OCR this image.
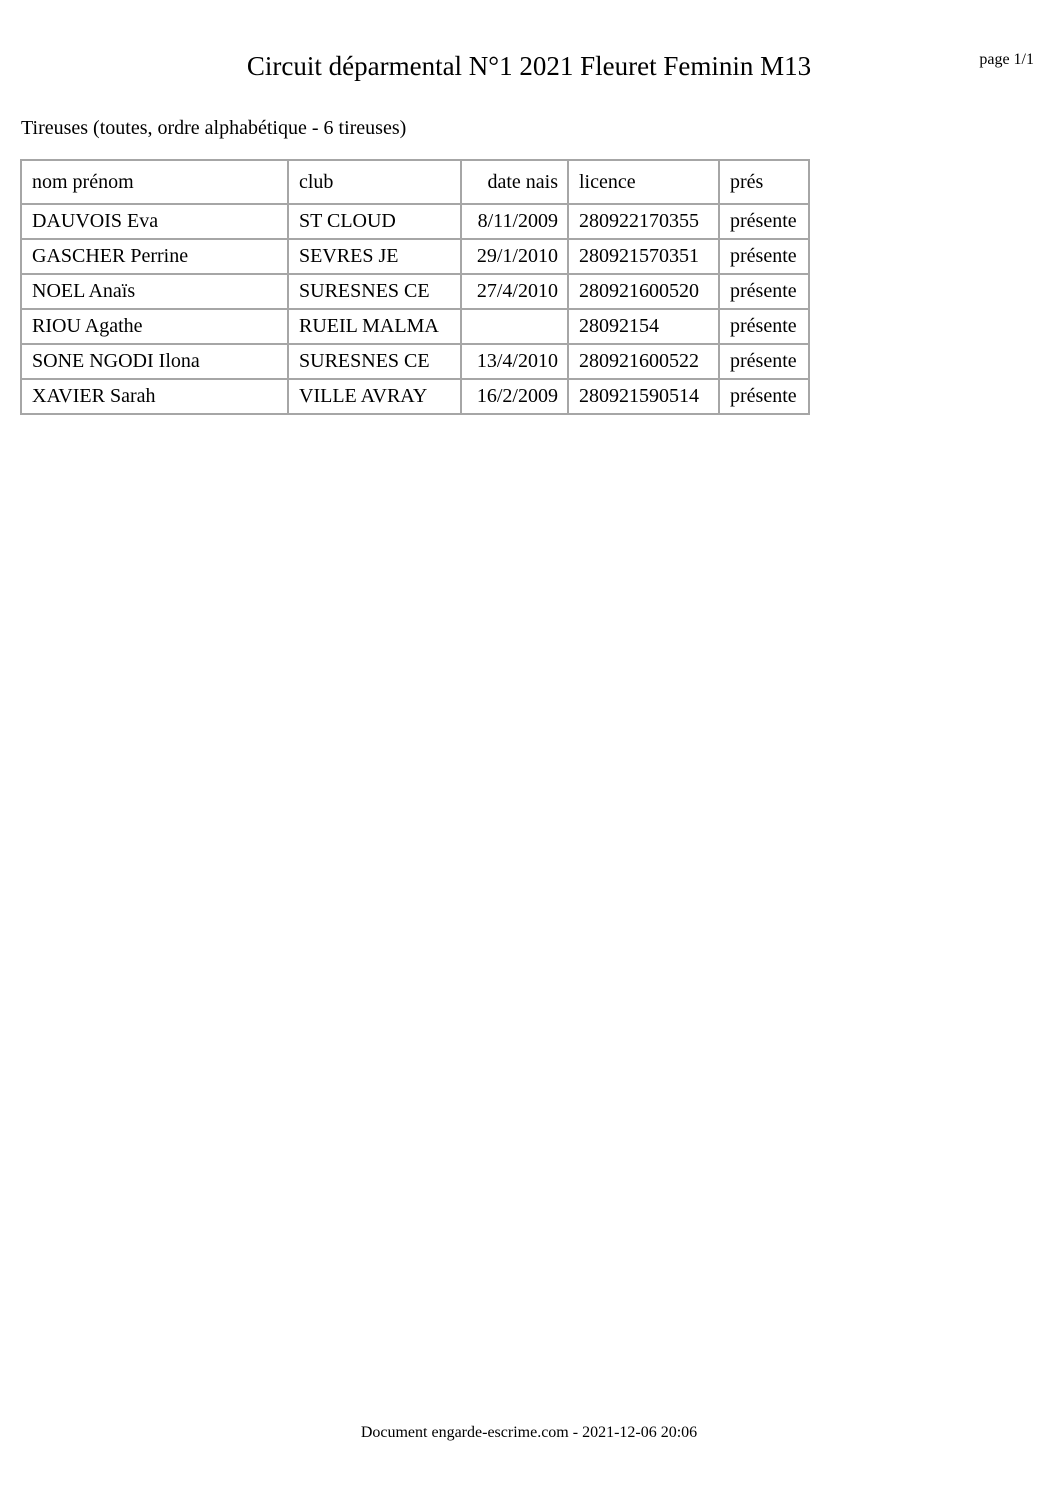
Circuit déparmental N°1 2021 Fleuret Feminin M13	page 1/1
Tireuses (toutes, ordre alphabétique - 6 tireuses)
nom prénom	club	date nais	licence	prés
DAUVOIS Eva	ST CLOUD	8/11/2009	280922170355	présente
GASCHER Perrine	SEVRES JE	29/1/2010	280921570351	présente
NOEL Anaïs	SURESNES CE	27/4/2010	280921600520	présente
RIOU Agathe	RUEIL MALMA		28092154	présente
SONE NGODI Ilona	SURESNES CE	13/4/2010	280921600522	présente
XAVIER Sarah	VILLE AVRAY	16/2/2009	280921590514	présente
Document engarde-escrime.com - 2021-12-06 20:06
